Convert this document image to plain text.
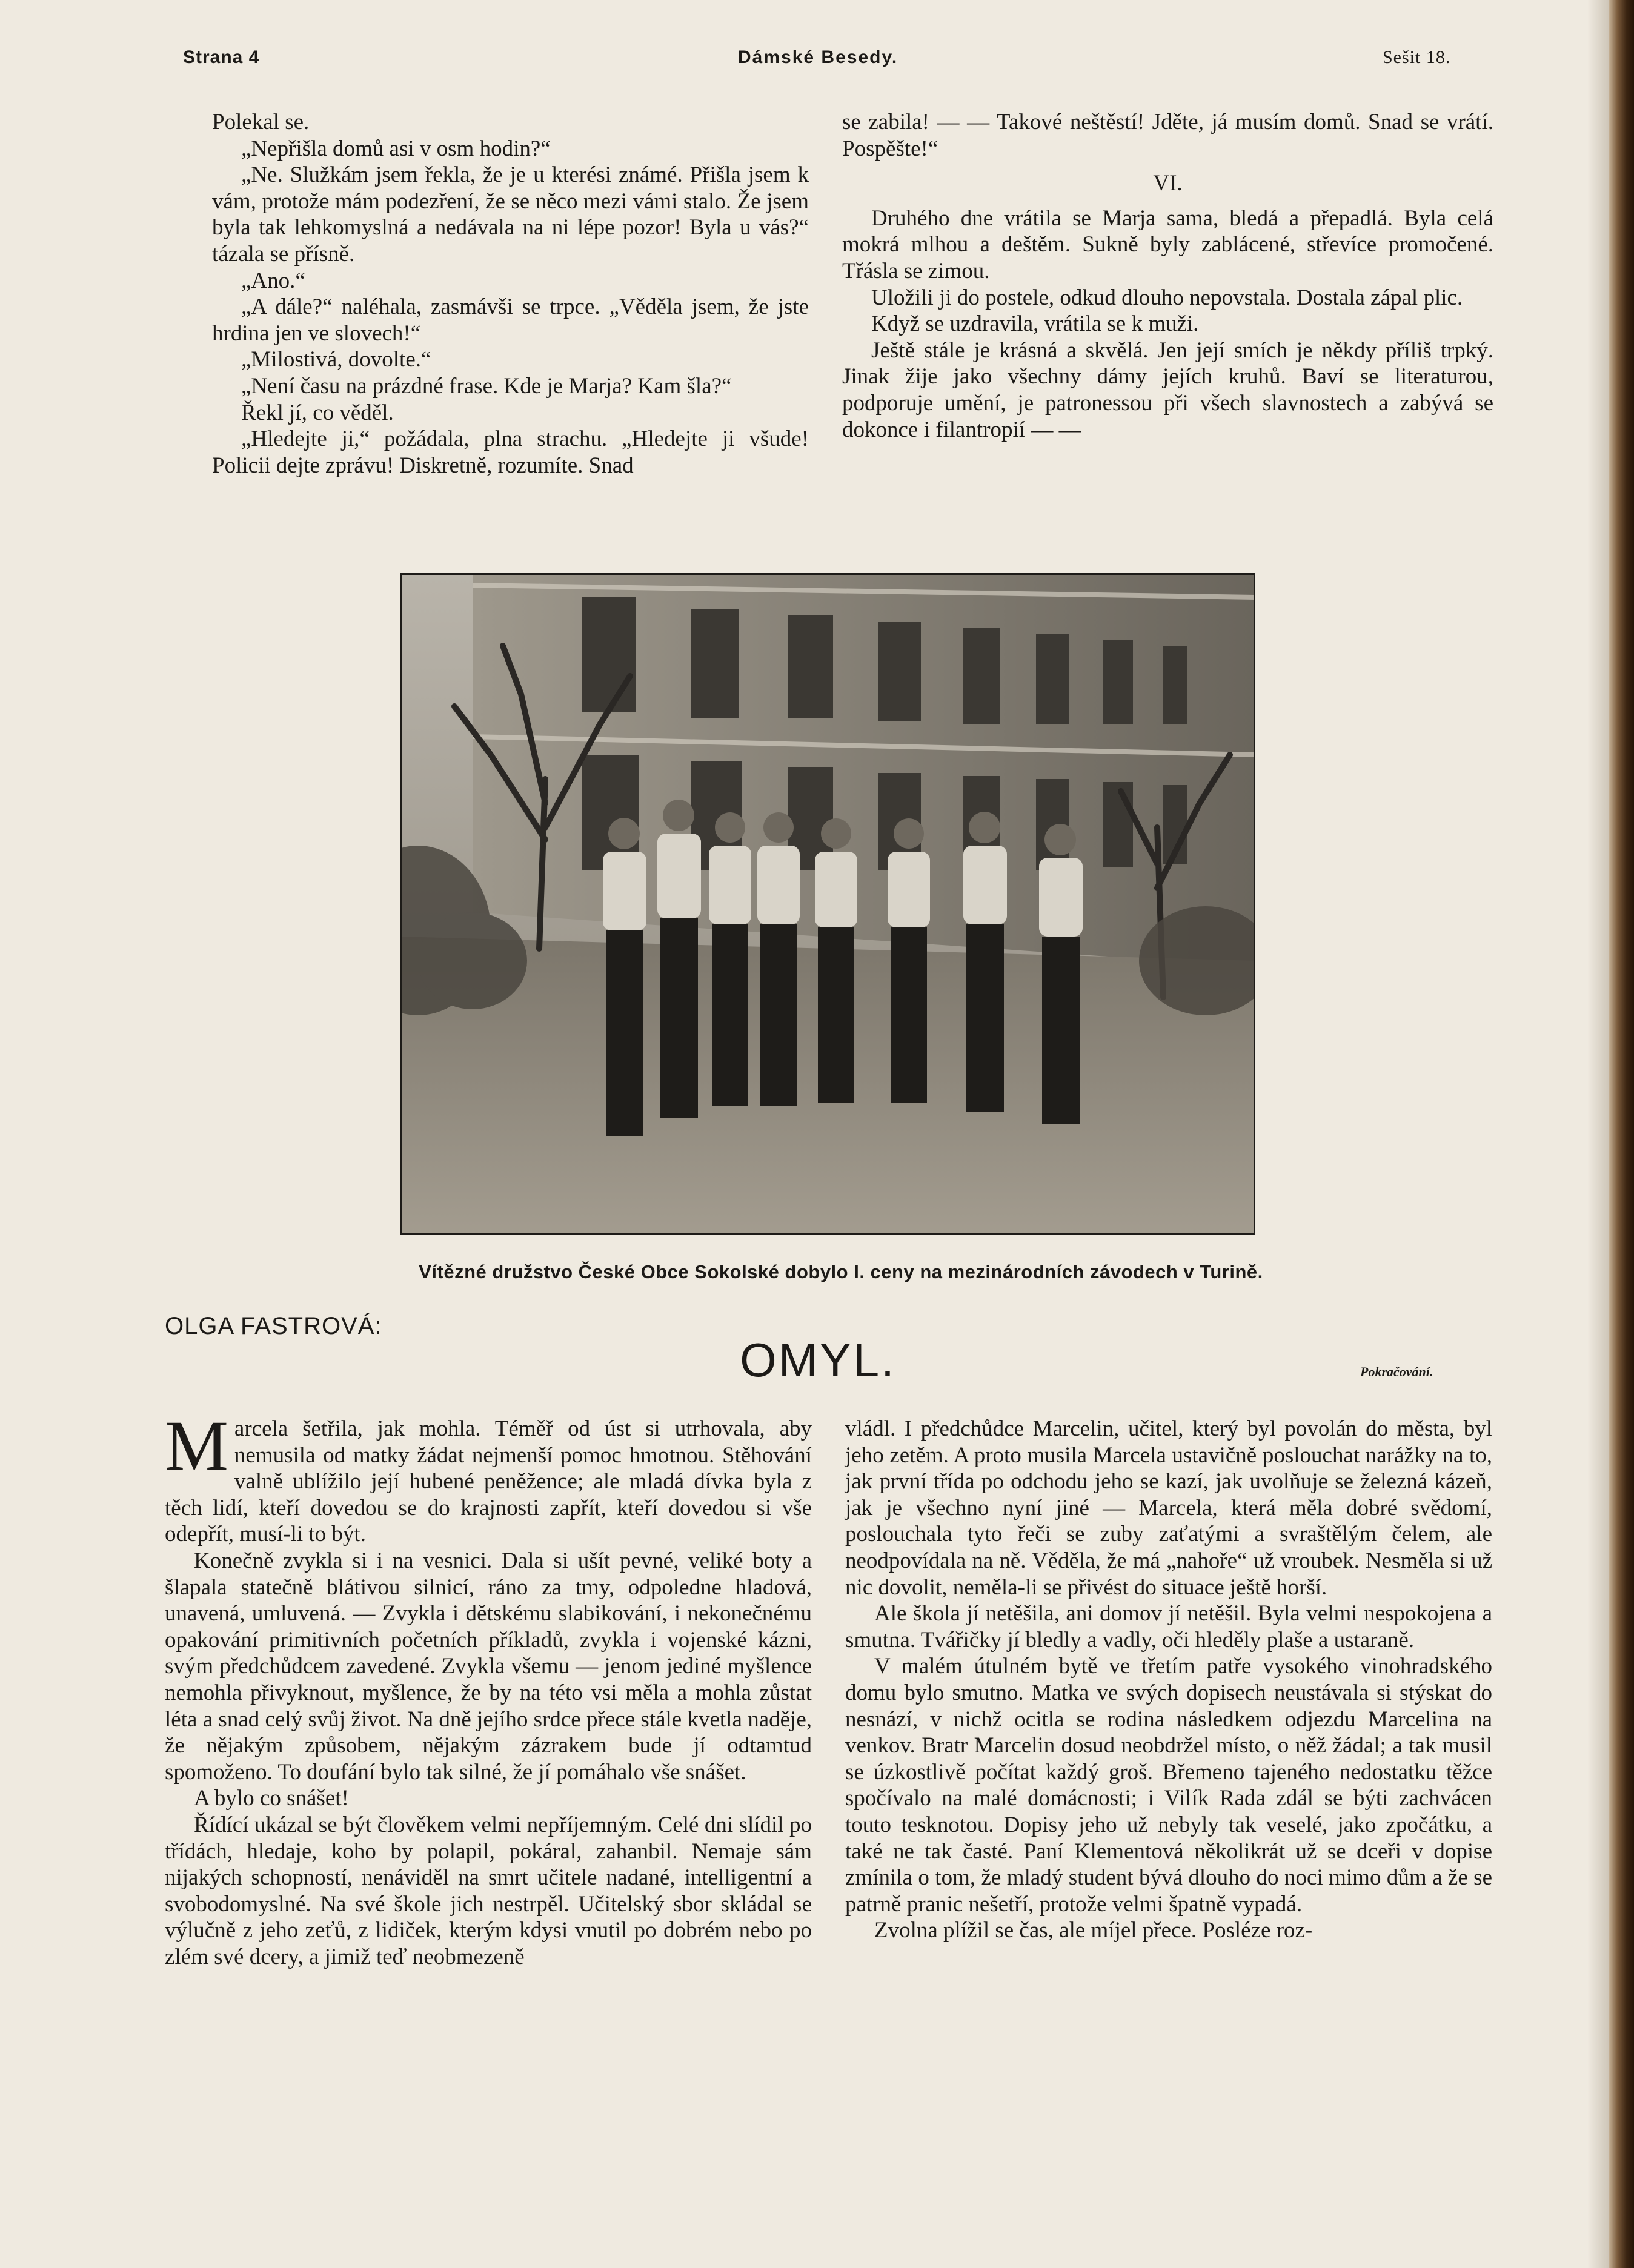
Strana 4	Dámské Besedy.	Sešit 18.

Polekal se.

„Nepřišla domů asi v osm hodin?“

„Ne. Služkám jsem řekla, že je u kterési známé. Přišla jsem k vám, protože mám podezření, že se něco mezi vámi stalo. Že jsem byla tak lehkomyslná a nedávala na ni lépe pozor! Byla u vás?“ tázala se přísně.

„Ano.“

„A dále?“ naléhala, zasmávši se trpce. „Věděla jsem, že jste hrdina jen ve slovech!“

„Milostivá, dovolte.“

„Není času na prázdné frase. Kde je Marja? Kam šla?“

Řekl jí, co věděl.

„Hledejte ji,“ požádala, plna strachu. „Hledejte ji všude! Policii dejte zprávu! Diskretně, rozumíte. Snad

se zabila! — — Takové neštěstí! Jděte, já musím domů. Snad se vrátí. Pospěšte!“

VI.

Druhého dne vrátila se Marja sama, bledá a přepadlá. Byla celá mokrá mlhou a deštěm. Sukně byly zablácené, střevíce promočené. Třásla se zimou.

Uložili ji do postele, odkud dlouho nepovstala. Dostala zápal plic.

Když se uzdravila, vrátila se k muži.

Ještě stále je krásná a skvělá. Jen její smích je někdy příliš trpký. Jinak žije jako všechny dámy jejích kruhů. Baví se literaturou, podporuje umění, je patronessou při všech slavnostech a zabývá se dokonce i filantropií — —

Vítězné družstvo České Obce Sokolské dobylo I. ceny na mezinárodních závodech v Turině.
OLGA FASTROVÁ:
OMYL.	Pokračování.

Marcela šetřila, jak mohla. Téměř od úst si utrhovala, aby nemusila od matky žádat nejmenší pomoc hmotnou. Stěhování valně ublížilo její hubené peněžence; ale mladá dívka byla z těch lidí, kteří dovedou se do krajnosti zapřít, kteří dovedou si vše odepřít, musí-li to být.

Konečně zvykla si i na vesnici. Dala si ušít pevné, veliké boty a šlapala statečně blátivou silnicí, ráno za tmy, odpoledne hladová, unavená, umluvená. — Zvykla i dětskému slabikování, i nekonečnému opakování primitivních početních příkladů, zvykla i vojenské kázni, svým předchůdcem zavedené. Zvykla všemu — jenom jediné myšlence nemohla přivyknout, myšlence, že by na této vsi měla a mohla zůstat léta a snad celý svůj život. Na dně jejího srdce přece stále kvetla naděje, že nějakým způsobem, nějakým zázrakem bude jí odtamtud spomoženo. To doufání bylo tak silné, že jí pomáhalo vše snášet.

A bylo co snášet!

Řídící ukázal se být člověkem velmi nepříjemným. Celé dni slídil po třídách, hledaje, koho by polapil, pokáral, zahanbil. Nemaje sám nijakých schopností, nenáviděl na smrt učitele nadané, intelligentní a svobodomyslné. Na své škole jich nestrpěl. Učitelský sbor skládal se výlučně z jeho zeťů, z lidiček, kterým kdysi vnutil po dobrém nebo po zlém své dcery, a jimiž teď neobmezeně

vládl. I předchůdce Marcelin, učitel, který byl povolán do města, byl jeho zetěm. A proto musila Marcela ustavičně poslouchat narážky na to, jak první třída po odchodu jeho se kazí, jak uvolňuje se železná kázeň, jak je všechno nyní jiné — Marcela, která měla dobré svědomí, poslouchala tyto řeči se zuby zaťatými a svraštělým čelem, ale neodpovídala na ně. Věděla, že má „nahoře“ už vroubek. Nesměla si už nic dovolit, neměla-li se přivést do situace ještě horší.

Ale škola jí netěšila, ani domov jí netěšil. Byla velmi nespokojena a smutna. Tvářičky jí bledly a vadly, oči hleděly plaše a ustaraně.

V malém útulném bytě ve třetím patře vysokého vinohradského domu bylo smutno. Matka ve svých dopisech neustávala si stýskat do nesnází, v nichž ocitla se rodina následkem odjezdu Marcelina na venkov. Bratr Marcelin dosud neobdržel místo, o něž žádal; a tak musil se úzkostlivě počítat každý groš. Břemeno tajeného nedostatku těžce spočívalo na malé domácnosti; i Vilík Rada zdál se býti zachvácen touto tesknotou. Dopisy jeho už nebyly tak veselé, jako zpočátku, a také ne tak časté. Paní Klementová několikrát už se dceři v dopise zmínila o tom, že mladý student bývá dlouho do noci mimo dům a že se patrně pranic nešetří, protože velmi špatně vypadá.

Zvolna plížil se čas, ale míjel přece. Posléze roz-
